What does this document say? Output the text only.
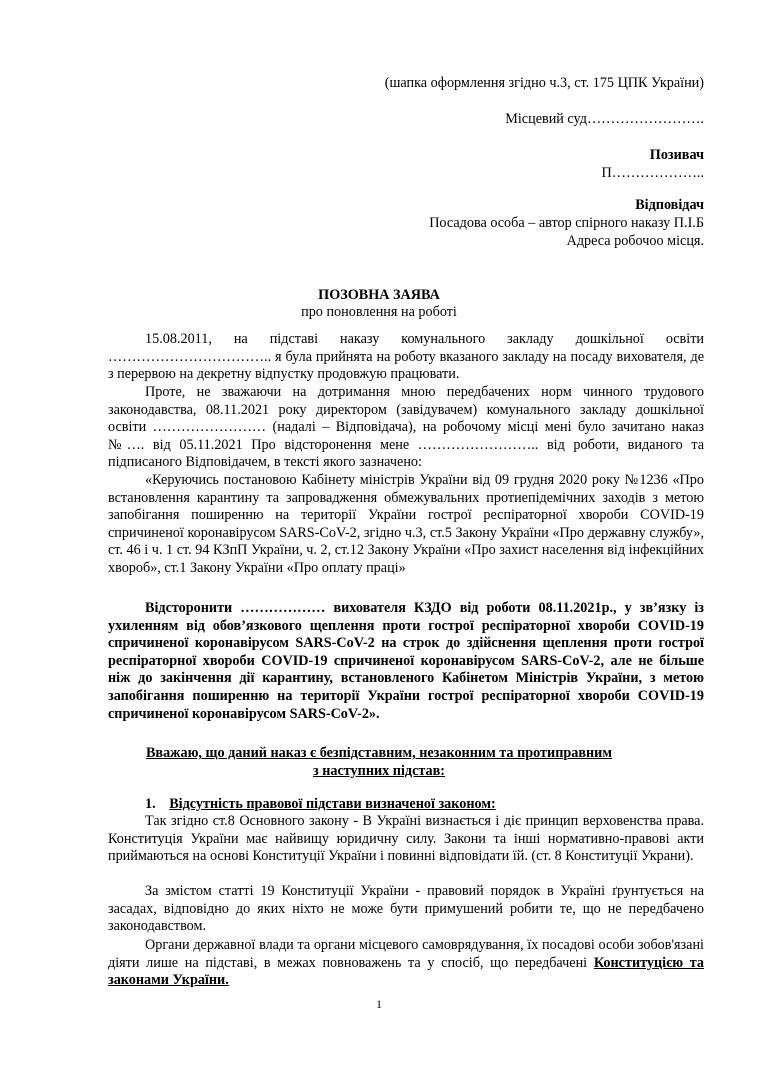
(шапка оформлення згідно ч.3, ст. 175 ЦПК України)
Місцевий суд…………………….
Позивач
П………………..
Відповідач
Посадова особа – автор спірного наказу П.І.Б
Адреса робочоо місця.
ПОЗОВНА ЗАЯВА
про поновлення на роботі

15.08.2011, на підставі наказу комунального закладу дошкільної освіти …………………………….. я була прийнята на роботу вказаного закладу на посаду вихователя, де з перервою на декретну відпустку продовжую працювати.

Проте, не зважаючи на дотримання мною передбачених норм чинного трудового законодавства, 08.11.2021 року директором (завідувачем) комунального закладу дошкільної освіти …………………… (надалі – Відповідача), на робочому місці мені було зачитано наказ №…. від 05.11.2021 Про відсторонення мене …………………….. від роботи, виданого та підписаного Відповідачем, в тексті якого зазначено:

«Керуючись постановою Кабінету міністрів України від 09 грудня 2020 року №1236 «Про встановлення карантину та запровадження обмежувальних протиепідемічних заходів з метою запобігання поширенню на території України гострої респіраторної хвороби COVID-19 спричиненої коронавірусом SARS-CoV-2, згідно ч.3, ст.5 Закону України «Про державну службу», ст. 46 і ч. 1 ст. 94 КЗпП України, ч. 2, ст.12 Закону України «Про захист населення від інфекційних хвороб», ст.1 Закону України «Про оплату праці»

Відсторонити ……………… вихователя КЗДО від роботи 08.11.2021р., у зв’язку із ухиленням від обов’язкового щеплення проти гострої респіраторної хвороби COVID-19 спричиненої коронавірусом SARS-CoV-2 на строк до здійснення щеплення проти гострої респіраторної хвороби COVID-19 спричиненої коронавірусом SARS-CoV-2, але не більше ніж до закінчення дії карантину, встановленого Кабінетом Міністрів України, з метою запобігання поширенню на території України гострої респіраторної хвороби COVID-19 спричиненої коронавірусом SARS-CoV-2».

Вважаю, що даний наказ є безпідставним, незаконним та протиправним
з наступних підстав:
1. Відсутність правової підстави визначеної законом:

Так згідно ст.8 Основного закону - В Україні визнається і діє принцип верховенства права. Конституція України має найвищу юридичну силу. Закони та інші нормативно-правові акти приймаються на основі Конституції України і повинні відповідати їй. (ст. 8 Конституції Украни).

За змістом статті 19 Конституції України - правовий порядок в Україні ґрунтується на засадах, відповідно до яких ніхто не може бути примушений робити те, що не передбачено законодавством.

Органи державної влади та органи місцевого самоврядування, їх посадові особи зобов'язані діяти лише на підставі, в межах повноважень та у спосіб, що передбачені Конституцією та законами України.

1
